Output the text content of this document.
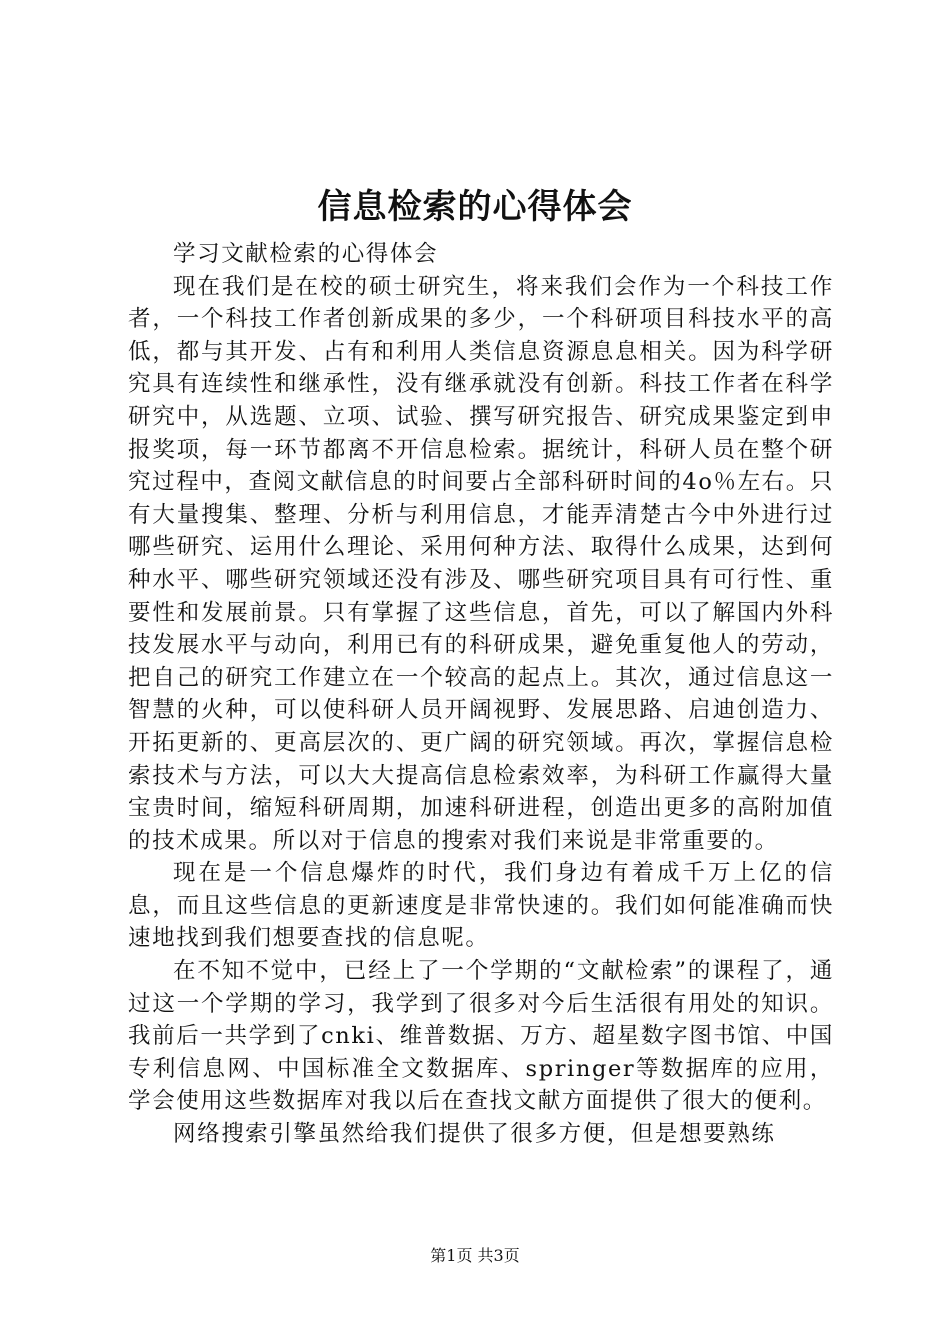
信息检索的心得体会

学习文献检索的心得体会

现在我们是在校的硕士研究生，将来我们会作为一个科技工作者，一个科技工作者创新成果的多少，一个科研项目科技水平的高低，都与其开发、占有和利用人类信息资源息息相关。因为科学研究具有连续性和继承性，没有继承就没有创新。科技工作者在科学研究中，从选题、立项、试验、撰写研究报告、研究成果鉴定到申报奖项，每一环节都离不开信息检索。据统计，科研人员在整个研究过程中，查阅文献信息的时间要占全部科研时间的4o％左右。只有大量搜集、整理、分析与利用信息，才能弄清楚古今中外进行过哪些研究、运用什么理论、采用何种方法、取得什么成果，达到何种水平、哪些研究领域还没有涉及、哪些研究项目具有可行性、重要性和发展前景。只有掌握了这些信息，首先，可以了解国内外科技发展水平与动向，利用已有的科研成果，避免重复他人的劳动，把自己的研究工作建立在一个较高的起点上。其次，通过信息这一智慧的火种，可以使科研人员开阔视野、发展思路、启迪创造力、开拓更新的、更高层次的、更广阔的研究领域。再次，掌握信息检索技术与方法，可以大大提高信息检索效率，为科研工作赢得大量宝贵时间，缩短科研周期，加速科研进程，创造出更多的高附加值的技术成果。所以对于信息的搜索对我们来说是非常重要的。

现在是一个信息爆炸的时代，我们身边有着成千万上亿的信息，而且这些信息的更新速度是非常快速的。我们如何能准确而快速地找到我们想要查找的信息呢。

在不知不觉中，已经上了一个学期的“文献检索”的课程了，通过这一个学期的学习，我学到了很多对今后生活很有用处的知识。我前后一共学到了cnki、维普数据、万方、超星数字图书馆、中国专利信息网、中国标准全文数据库、springer等数据库的应用，学会使用这些数据库对我以后在查找文献方面提供了很大的便利。

网络搜索引擎虽然给我们提供了很多方便，但是想要熟练

第1页 共3页
